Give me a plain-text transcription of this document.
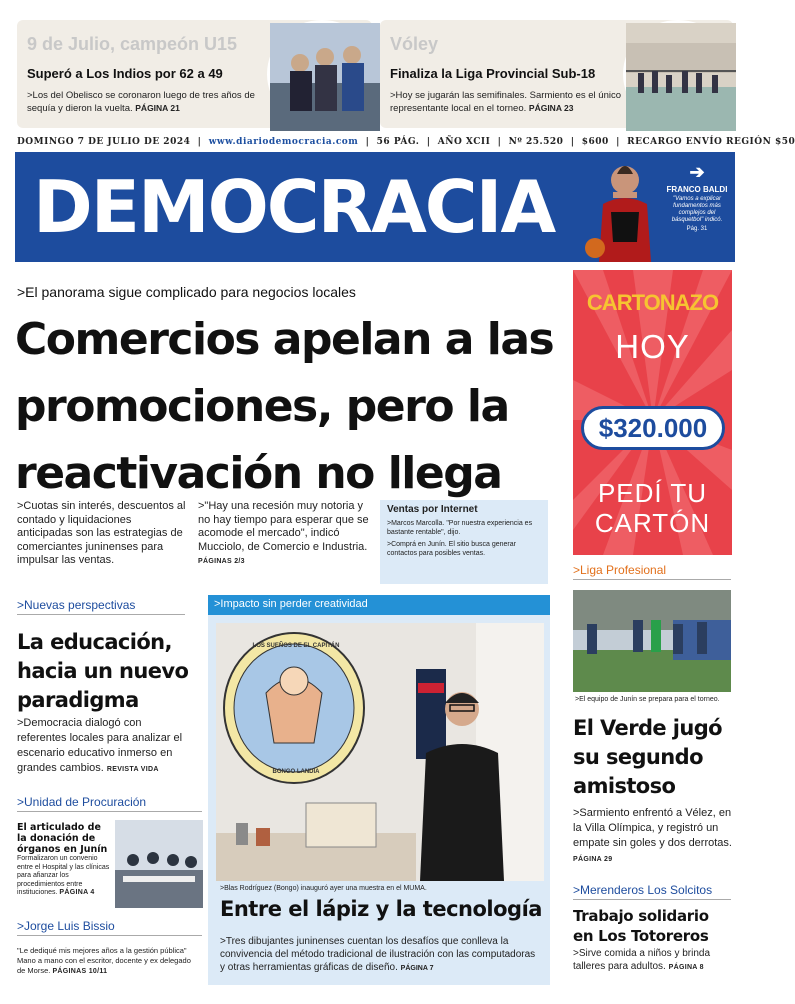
9 de Julio, campeón U15
Superó a Los Indios por 62 a 49
>Los del Obelisco se coronaron luego de tres años de sequía y dieron la vuelta. PÁGINA 21
Vóley
Finaliza la Liga Provincial Sub-18
>Hoy se jugarán las semifinales. Sarmiento es el único representante local en el torneo. PÁGINA 23
DOMINGO 7 DE JULIO DE 2024  |  www.diariodemocracia.com  |  56 PÁG.  |  AÑO XCII  |  Nº 25.520  |  $600  |  RECARGO ENVÍO REGIÓN $50
DEMOCRACIA	➔
FRANCO BALDI
"Vamos a explicar fundamentos más complejos del básquetbol" indicó.
Pág. 31
>El panorama sigue complicado para negocios locales
Comercios apelan a las
promociones, pero la
reactivación no llega
>Cuotas sin interés, descuentos al contado y liquidaciones anticipadas son las estrategias de comerciantes juninenses para impulsar las ventas.
>"Hay una recesión muy notoria y no hay tiempo para esperar que se acomode el mercado", indicó Mucciolo, de Comercio e Industria. PÁGINAS 2/3
Ventas por Internet

>Marcos Marcolla. "Por nuestra experiencia es bastante rentable", dijo.

>Comprá en Junín. El sitio busca generar contactos para posibles ventas.

CARTONAZO
HOY
$320.000
PEDÍ TU
CARTÓN
>Nuevas perspectivas
La educación,
hacia un nuevo
paradigma
>Democracia dialogó con referentes locales para analizar el escenario educativo inmerso en grandes cambios. REVISTA VIDA
>Unidad de Procuración
El articulado de
la donación de
órganos en Junín
Formalizaron un convenio entre el Hospital y las clínicas para afianzar los procedimientos entre instituciones. PÁGINA 4
>Jorge Luis Bissio
"Le dediqué mis mejores años a la gestión pública" Mano a mano con el escritor, docente y ex delegado de Morse. PÁGINAS 10/11
>Impacto sin perder creatividad
LOS SUEÑOS DE EL CAPITÁN
BONGO LANDIA
>Blas Rodríguez (Bongo) inauguró ayer una muestra en el MUMA.
Entre el lápiz y la tecnología
>Tres dibujantes juninenses cuentan los desafíos que conlleva la convivencia del método tradicional de ilustración con las computadoras y otras herramientas gráficas de diseño. PÁGINA 7
>Liga Profesional
>El equipo de Junín se prepara para el torneo.
El Verde jugó
su segundo
amistoso
>Sarmiento enfrentó a Vélez, en la Villa Olímpica, y registró un empate sin goles y dos derrotas. PÁGINA 29
>Merenderos Los Solcitos
Trabajo solidario
en Los Totoreros
>Sirve comida a niños y brinda talleres para adultos. PÁGINA 8
